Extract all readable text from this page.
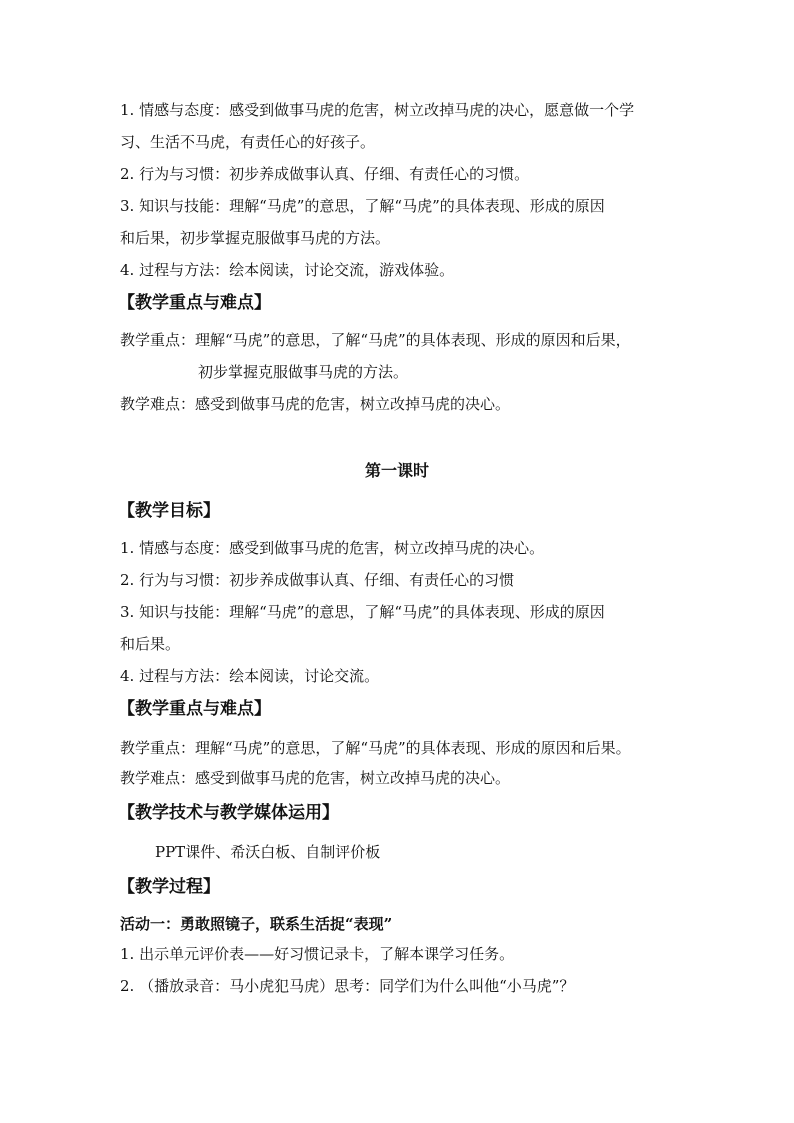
1. 情感与态度：感受到做事马虎的危害，树立改掉马虎的决心，愿意做一个学
习、生活不马虎，有责任心的好孩子。
2. 行为与习惯：初步养成做事认真、仔细、有责任心的习惯。
3. 知识与技能：理解“马虎”的意思，了解“马虎”的具体表现、形成的原因
和后果，初步掌握克服做事马虎的方法。
4. 过程与方法：绘本阅读，讨论交流，游戏体验。
【教学重点与难点】
教学重点：理解“马虎”的意思，了解“马虎”的具体表现、形成的原因和后果，
初步掌握克服做事马虎的方法。
教学难点：感受到做事马虎的危害，树立改掉马虎的决心。
第一课时
【教学目标】
1. 情感与态度：感受到做事马虎的危害，树立改掉马虎的决心。
2. 行为与习惯：初步养成做事认真、仔细、有责任心的习惯
3. 知识与技能：理解“马虎”的意思，了解“马虎”的具体表现、形成的原因
和后果。
4. 过程与方法：绘本阅读，讨论交流。
【教学重点与难点】
教学重点：理解“马虎”的意思，了解“马虎”的具体表现、形成的原因和后果。
教学难点：感受到做事马虎的危害，树立改掉马虎的决心。
【教学技术与教学媒体运用】
PPT课件、希沃白板、自制评价板
【教学过程】
活动一：勇敢照镜子，联系生活捉“表现”
1. 出示单元评价表——好习惯记录卡，了解本课学习任务。
2. （播放录音：马小虎犯马虎）思考：同学们为什么叫他“小马虎”？
